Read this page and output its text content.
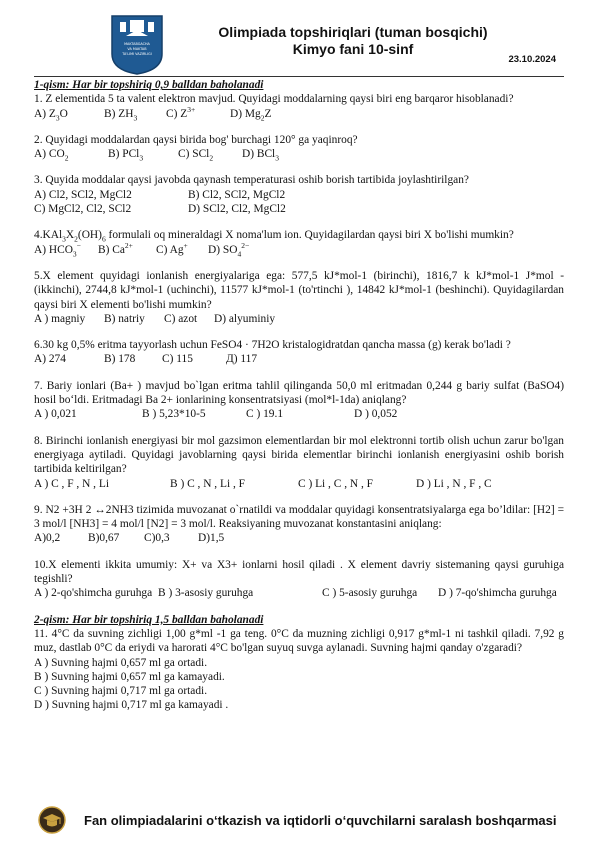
MAKTABGACHA
VA MAKTAB
TA'LIMI VAZIRLIGI
Olimpiada topshiriqlari (tuman bosqichi)
Kimyo fani 10-sinf
23.10.2024
1-qism: Har bir topshiriq 0,9 balldan baholanadi
1. Z elementida 5 ta valent elektron mavjud. Quyidagi moddalarning qaysi biri eng barqaror hisoblanadi?
A) $Z_3O$	B) $ZH_3$	C) $Z^{3+}$	D) $Mg_2Z$
2. Quyidagi moddalardan qaysi birida bog' burchagi 120° ga yaqinroq?
A) $CO_2$	B) PCl$_3$	C) SCl$_2$	D) BCl$_3$
3. Quyida moddalar qaysi javobda qaynash temperaturasi oshib borish tartibida joylashtirilgan?
A) Cl2, SCl2, MgCl2	B) Cl2, SCl2, MgCl2
C) MgCl2, Cl2, SCl2	D) SCl2, Cl2, MgCl2
$4.KAl_3X_2(OH)_6$ formulali oq mineraldagi X noma'lum ion. Quyidagilardan qaysi biri X bo'lishi mumkin?
A) $HCO_3^-$	B) $Ca^{2+}$	C) Ag+	D) $SO_4^{2-}$
5.X element quyidagi ionlanish energiyalariga ega: 577,5 kJ*mol-1 (birinchi), 1816,7 k kJ*mol-1 J*mol - (ikkinchi), 2744,8 kJ*mol-1 (uchinchi), 11577 kJ*mol-1 (to'rtinchi ), 14842 kJ*mol-1 (beshinchi). Quyidagilardan qaysi biri X elementi bo'lishi mumkin?
A ) magniy	B) natriy	C) azot	D) alyuminiy
6.30 kg 0,5% eritma tayyorlash uchun FeSO4 · 7H2O kristalogidratdan qancha massa (g) kerak bo'ladi ?
A) 274	B) 178	C) 115	Д) 117
7. Bariy ionlari (Ba+ ) mavjud bo`lgan eritma tahlil qilinganda 50,0 ml eritmadan 0,244 g bariy sulfat (BaSO4) hosil bo‘ldi. Eritmadagi Ba 2+ ionlarining konsentratsiyasi (mol*l-1da) aniqlang?
A ) 0,021	B ) 5,23*10-5	C ) 19.1	D ) 0,052
8. Birinchi ionlanish energiyasi bir mol gazsimon elementlardan bir mol elektronni tortib olish uchun zarur bo'lgan energiyaga aytiladi. Quyidagi javoblarning qaysi birida elementlar birinchi ionlanish energiyasini oshib borish tartibida keltirilgan?
A ) C , F , N , Li	B ) C , N , Li , F	C ) Li , C , N , F	D ) Li , N , F , C
9. N2 +3H 2 ↔2NH3 tizimida muvozanat o`rnatildi va moddalar quyidagi konsentratsiyalarga ega bo’ldilar: [H2] = 3 mol/l [NH3] = 4 mol/l [N2] = 3 mol/l. Reaksiyaning muvozanat konstantasini aniqlang:
A)0,2	B)0,67	C)0,3	D)1,5
10.X elementi ikkita umumiy: X+ va X3+ ionlarni hosil qiladi . X element davriy sistemaning qaysi guruhiga tegishli?
A ) 2-qo'shimcha guruhga B ) 3-asosiy guruhga	C ) 5-asosiy guruhga	D ) 7-qo'shimcha guruhga
2-qism: Har bir topshiriq 1,5 balldan baholanadi
11. 4°C da suvning zichligi 1,00 g*ml -1 ga teng. 0°C da muzning zichligi 0,917 g*ml-1 ni tashkil qiladi. 7,92 g muz, dastlab 0°C da eriydi va harorati 4°C bo'lgan suyuq suvga aylanadi. Suvning hajmi qanday o'zgaradi?
A ) Suvning hajmi 0,657 ml ga ortadi.
B ) Suvning hajmi 0,657 ml ga kamayadi.
C ) Suvning hajmi 0,717 ml ga ortadi.
D ) Suvning hajmi 0,717 ml ga kamayadi .
Fan olimpiadalarini o‘tkazish va iqtidorli o‘quvchilarni saralash boshqarmasi
